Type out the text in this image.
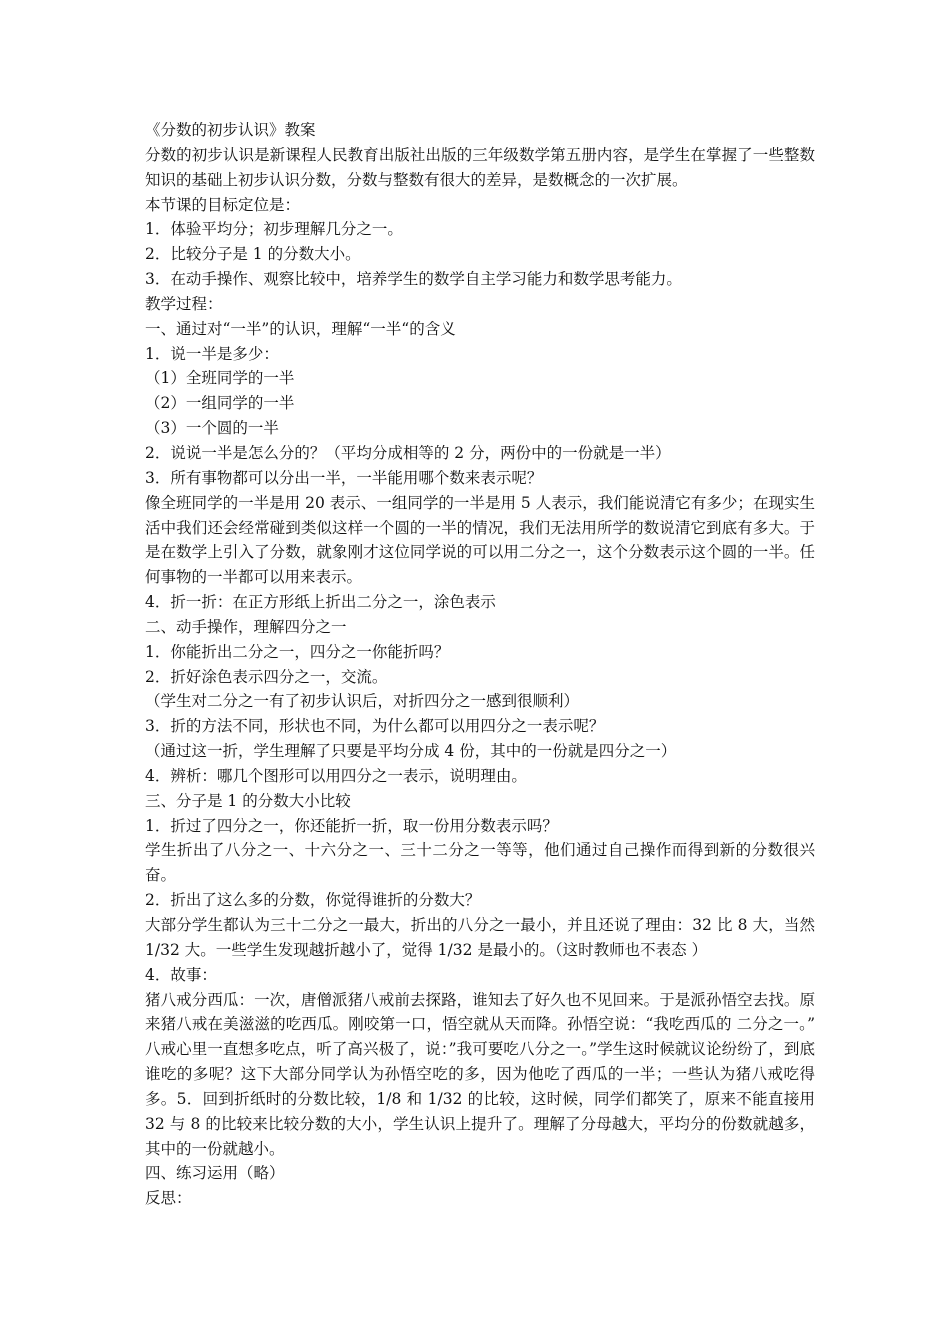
《分数的初步认识》教案
分数的初步认识是新课程人民教育出版社出版的三年级数学第五册内容，是学生在掌握了一些整数知识的基础上初步认识分数，分数与整数有很大的差异，是数概念的一次扩展。
本节课的目标定位是：
1．体验平均分；初步理解几分之一。
2．比较分子是 1 的分数大小。
3．在动手操作、观察比较中，培养学生的数学自主学习能力和数学思考能力。
教学过程：
一、通过对“一半”的认识，理解“一半“的含义
1．说一半是多少：
（1）全班同学的一半
（2）一组同学的一半
（3）一个圆的一半
2．说说一半是怎么分的？（平均分成相等的 2 分，两份中的一份就是一半）
3．所有事物都可以分出一半，一半能用哪个数来表示呢？
像全班同学的一半是用 20 表示、一组同学的一半是用 5 人表示，我们能说清它有多少；在现实生活中我们还会经常碰到类似这样一个圆的一半的情况，我们无法用所学的数说清它到底有多大。于是在数学上引入了分数，就象刚才这位同学说的可以用二分之一，这个分数表示这个圆的一半。任何事物的一半都可以用来表示。
4．折一折：在正方形纸上折出二分之一，涂色表示
二、动手操作，理解四分之一
1．你能折出二分之一，四分之一你能折吗？
2．折好涂色表示四分之一，交流。
（学生对二分之一有了初步认识后，对折四分之一感到很顺利）
3．折的方法不同，形状也不同，为什么都可以用四分之一表示呢？
（通过这一折，学生理解了只要是平均分成 4 份，其中的一份就是四分之一）
4．辨析：哪几个图形可以用四分之一表示，说明理由。
三、分子是 1 的分数大小比较
1．折过了四分之一，你还能折一折，取一份用分数表示吗？
学生折出了八分之一、十六分之一、三十二分之一等等，他们通过自己操作而得到新的分数很兴奋。
2．折出了这么多的分数，你觉得谁折的分数大？
大部分学生都认为三十二分之一最大，折出的八分之一最小，并且还说了理由：32 比 8 大，当然 1/32 大。一些学生发现越折越小了，觉得 1/32 是最小的。（这时教师也不表态 ）
4．故事：
猪八戒分西瓜：一次，唐僧派猪八戒前去探路，谁知去了好久也不见回来。于是派孙悟空去找。原来猪八戒在美滋滋的吃西瓜。刚咬第一口，悟空就从天而降。孙悟空说：“我吃西瓜的 二分之一。” 八戒心里一直想多吃点，听了高兴极了，说：”我可要吃八分之一。”学生这时候就议论纷纷了，到底谁吃的多呢？这下大部分同学认为孙悟空吃的多，因为他吃了西瓜的一半；一些认为猪八戒吃得多。5．回到折纸时的分数比较，1/8 和 1/32 的比较，这时候，同学们都笑了，原来不能直接用 32 与 8 的比较来比较分数的大小，学生认识上提升了。理解了分母越大，平均分的份数就越多，其中的一份就越小。
四、练习运用（略）
反思：
